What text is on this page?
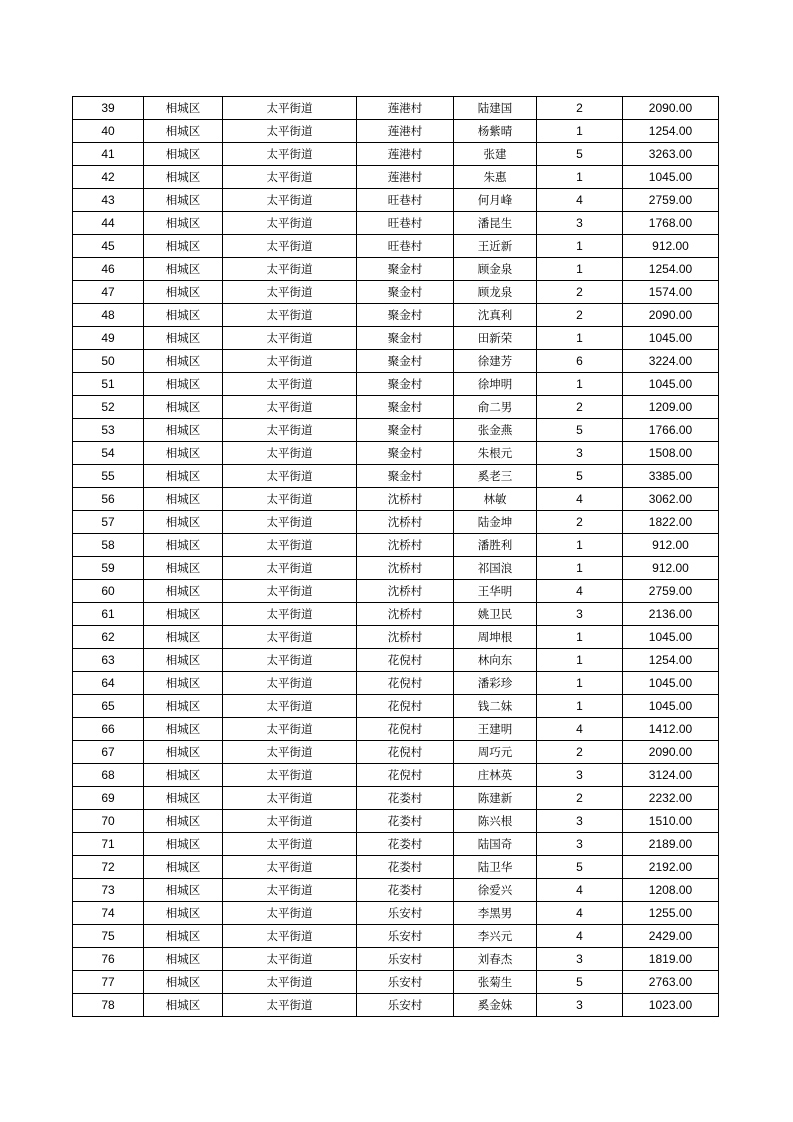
39	相城区	太平街道	莲港村	陆建国	2	2090.00
40	相城区	太平街道	莲港村	杨紫晴	1	1254.00
41	相城区	太平街道	莲港村	张建	5	3263.00
42	相城区	太平街道	莲港村	朱惠	1	1045.00
43	相城区	太平街道	旺巷村	何月峰	4	2759.00
44	相城区	太平街道	旺巷村	潘昆生	3	1768.00
45	相城区	太平街道	旺巷村	王近新	1	912.00
46	相城区	太平街道	聚金村	顾金泉	1	1254.00
47	相城区	太平街道	聚金村	顾龙泉	2	1574.00
48	相城区	太平街道	聚金村	沈真利	2	2090.00
49	相城区	太平街道	聚金村	田新荣	1	1045.00
50	相城区	太平街道	聚金村	徐建芳	6	3224.00
51	相城区	太平街道	聚金村	徐坤明	1	1045.00
52	相城区	太平街道	聚金村	俞二男	2	1209.00
53	相城区	太平街道	聚金村	张金燕	5	1766.00
54	相城区	太平街道	聚金村	朱根元	3	1508.00
55	相城区	太平街道	聚金村	奚老三	5	3385.00
56	相城区	太平街道	沈桥村	林敏	4	3062.00
57	相城区	太平街道	沈桥村	陆金坤	2	1822.00
58	相城区	太平街道	沈桥村	潘胜利	1	912.00
59	相城区	太平街道	沈桥村	祁国浪	1	912.00
60	相城区	太平街道	沈桥村	王华明	4	2759.00
61	相城区	太平街道	沈桥村	姚卫民	3	2136.00
62	相城区	太平街道	沈桥村	周坤根	1	1045.00
63	相城区	太平街道	花倪村	林向东	1	1254.00
64	相城区	太平街道	花倪村	潘彩珍	1	1045.00
65	相城区	太平街道	花倪村	钱二妹	1	1045.00
66	相城区	太平街道	花倪村	王建明	4	1412.00
67	相城区	太平街道	花倪村	周巧元	2	2090.00
68	相城区	太平街道	花倪村	庄林英	3	3124.00
69	相城区	太平街道	花娄村	陈建新	2	2232.00
70	相城区	太平街道	花娄村	陈兴根	3	1510.00
71	相城区	太平街道	花娄村	陆国奇	3	2189.00
72	相城区	太平街道	花娄村	陆卫华	5	2192.00
73	相城区	太平街道	花娄村	徐爱兴	4	1208.00
74	相城区	太平街道	乐安村	李黑男	4	1255.00
75	相城区	太平街道	乐安村	李兴元	4	2429.00
76	相城区	太平街道	乐安村	刘春杰	3	1819.00
77	相城区	太平街道	乐安村	张菊生	5	2763.00
78	相城区	太平街道	乐安村	奚金妹	3	1023.00
